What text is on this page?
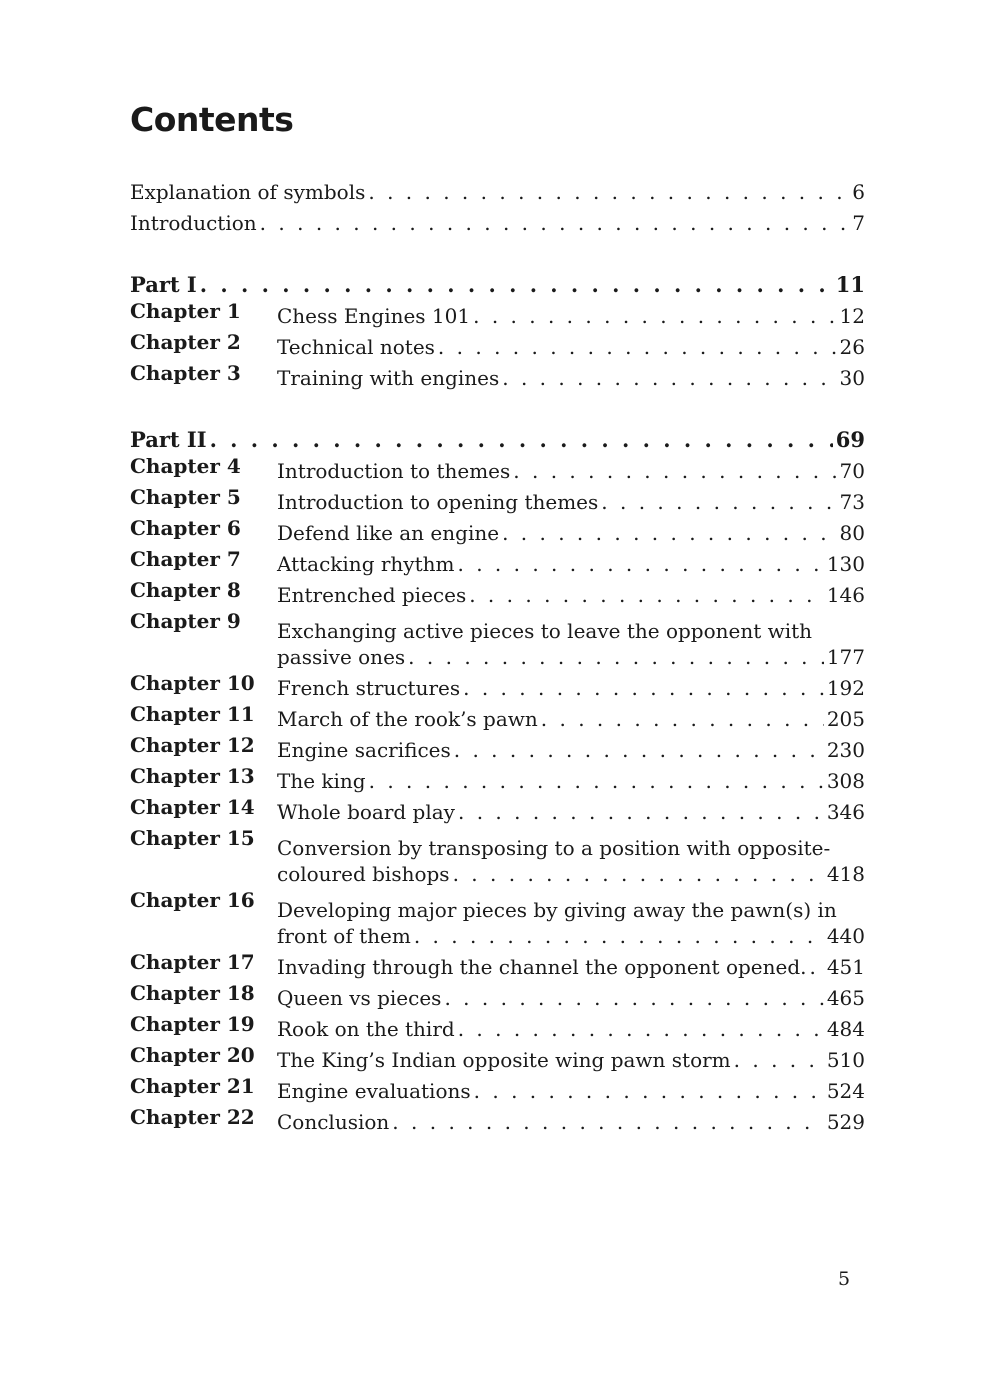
Contents
Explanation of symbols . . .	6
Introduction . . .	7
Part I . . .	11
Chapter 1	Chess Engines 101 . . .	12
Chapter 2	Technical notes . . .	26
Chapter 3	Training with engines . . .	30
Part II . . .	69
Chapter 4	Introduction to themes . . .	70
Chapter 5	Introduction to opening themes . . .	73
Chapter 6	Defend like an engine . . .	80
Chapter 7	Attacking rhythm . . .	130
Chapter 8	Entrenched pieces . . .	146
Chapter 9	Exchanging active pieces to leave the opponent with
passive ones . . .	177
Chapter 10	French structures . . .	192
Chapter 11	March of the rook’s pawn . . .	205
Chapter 12	Engine sacrifices . . .	230
Chapter 13	The king . . .	308
Chapter 14	Whole board play . . .	346
Chapter 15	Conversion by transposing to a position with opposite-
coloured bishops . . .	418
Chapter 16	Developing major pieces by giving away the pawn(s) in
front of them . . .	440
Chapter 17	Invading through the channel the opponent opened. . . . 451
Chapter 18	Queen vs pieces . . .	465
Chapter 19	Rook on the third . . .	484
Chapter 20	The King’s Indian opposite wing pawn storm . . .	510
Chapter 21	Engine evaluations . . .	524
Chapter 22	Conclusion . . .	529
5
